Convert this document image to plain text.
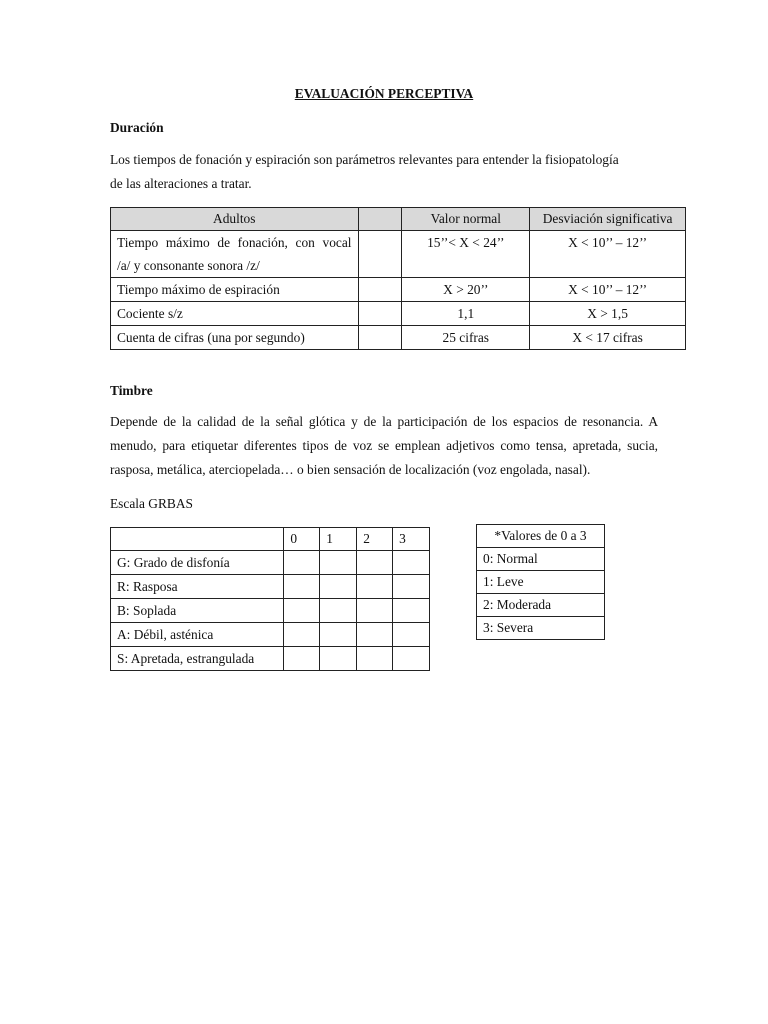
EVALUACIÓN PERCEPTIVA
Duración
Los tiempos de fonación y espiración son parámetros relevantes para entender la fisiopatología
de las alteraciones a tratar.
Adultos		Valor normal	Desviación significativa

Tiempo máximo de fonación, con vocal
/a/ y consonante sonora /z/		15’’< X < 24’’	X < 10’’ – 12’’
Tiempo máximo de espiración		X > 20’’	X < 10’’ – 12’’
Cociente s/z		1,1	X > 1,5
Cuenta de cifras (una por segundo)		25 cifras	X < 17 cifras
Timbre
Depende de la calidad de la señal glótica y de la participación de los espacios de resonancia. A
menudo, para etiquetar diferentes tipos de voz se emplean adjetivos como tensa, apretada, sucia,
rasposa, metálica, aterciopelada… o bien sensación de localización (voz engolada, nasal).
Escala GRBAS
	0	1	2	3
G: Grado de disfonía				
R: Rasposa				
B: Soplada				
A: Débil, asténica				
S: Apretada, estrangulada				
*Valores de 0 a 3
0: Normal
1: Leve
2: Moderada
3: Severa
